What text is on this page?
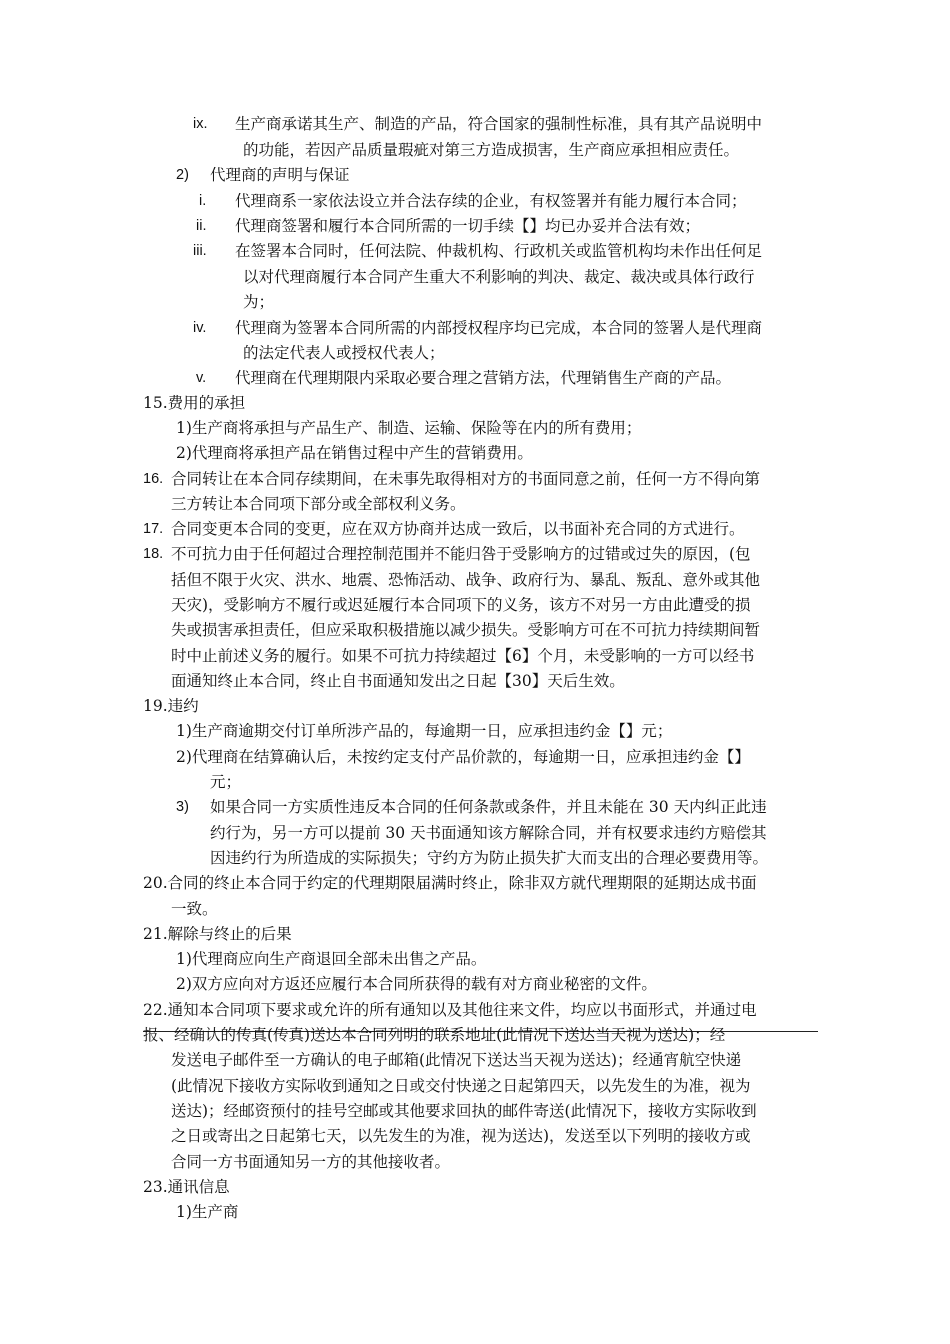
ix. 生产商承诺其生产、制造的产品，符合国家的强制性标准，具有其产品说明中
的功能，若因产品质量瑕疵对第三方造成损害，生产商应承担相应责任。
2) 代理商的声明与保证
i. 代理商系一家依法设立并合法存续的企业，有权签署并有能力履行本合同；
ii. 代理商签署和履行本合同所需的一切手续【】均已办妥并合法有效；
iii. 在签署本合同时，任何法院、仲裁机构、行政机关或监管机构均未作出任何足
以对代理商履行本合同产生重大不利影响的判决、裁定、裁决或具体行政行
为；
iv. 代理商为签署本合同所需的内部授权程序均已完成，本合同的签署人是代理商
的法定代表人或授权代表人；
v. 代理商在代理期限内采取必要合理之营销方法，代理销售生产商的产品。
15.费用的承担
1)生产商将承担与产品生产、制造、运输、保险等在内的所有费用；
2)代理商将承担产品在销售过程中产生的营销费用。
16. 合同转让在本合同存续期间，在未事先取得相对方的书面同意之前，任何一方不得向第
三方转让本合同项下部分或全部权利义务。
17. 合同变更本合同的变更，应在双方协商并达成一致后，以书面补充合同的方式进行。
18. 不可抗力由于任何超过合理控制范围并不能归咎于受影响方的过错或过失的原因，(包
括但不限于火灾、洪水、地震、恐怖活动、战争、政府行为、暴乱、叛乱、意外或其他
天灾)，受影响方不履行或迟延履行本合同项下的义务，该方不对另一方由此遭受的损
失或损害承担责任，但应采取积极措施以减少损失。受影响方可在不可抗力持续期间暂
时中止前述义务的履行。如果不可抗力持续超过【6】个月，未受影响的一方可以经书
面通知终止本合同，终止自书面通知发出之日起【30】天后生效。
19.违约
1)生产商逾期交付订单所涉产品的，每逾期一日，应承担违约金【】元；
2)代理商在结算确认后，未按约定支付产品价款的，每逾期一日，应承担违约金【】
元；
3) 如果合同一方实质性违反本合同的任何条款或条件，并且未能在 30 天内纠正此违
约行为，另一方可以提前 30 天书面通知该方解除合同，并有权要求违约方赔偿其
因违约行为所造成的实际损失；守约方为防止损失扩大而支出的合理必要费用等。
20.合同的终止本合同于约定的代理期限届满时终止，除非双方就代理期限的延期达成书面
一致。
21.解除与终止的后果
1)代理商应向生产商退回全部未出售之产品。
2)双方应向对方返还应履行本合同所获得的载有对方商业秘密的文件。
22.通知本合同项下要求或允许的所有通知以及其他往来文件，均应以书面形式，并通过电
报、经确认的传真(传真)送达本合同列明的联系地址(此情况下送达当天视为送达)；经
发送电子邮件至一方确认的电子邮箱(此情况下送达当天视为送达)；经通宵航空快递
(此情况下接收方实际收到通知之日或交付快递之日起第四天，以先发生的为准，视为
送达)；经邮资预付的挂号空邮或其他要求回执的邮件寄送(此情况下，接收方实际收到
之日或寄出之日起第七天，以先发生的为准，视为送达)，发送至以下列明的接收方或
合同一方书面通知另一方的其他接收者。
23.通讯信息
1)生产商
